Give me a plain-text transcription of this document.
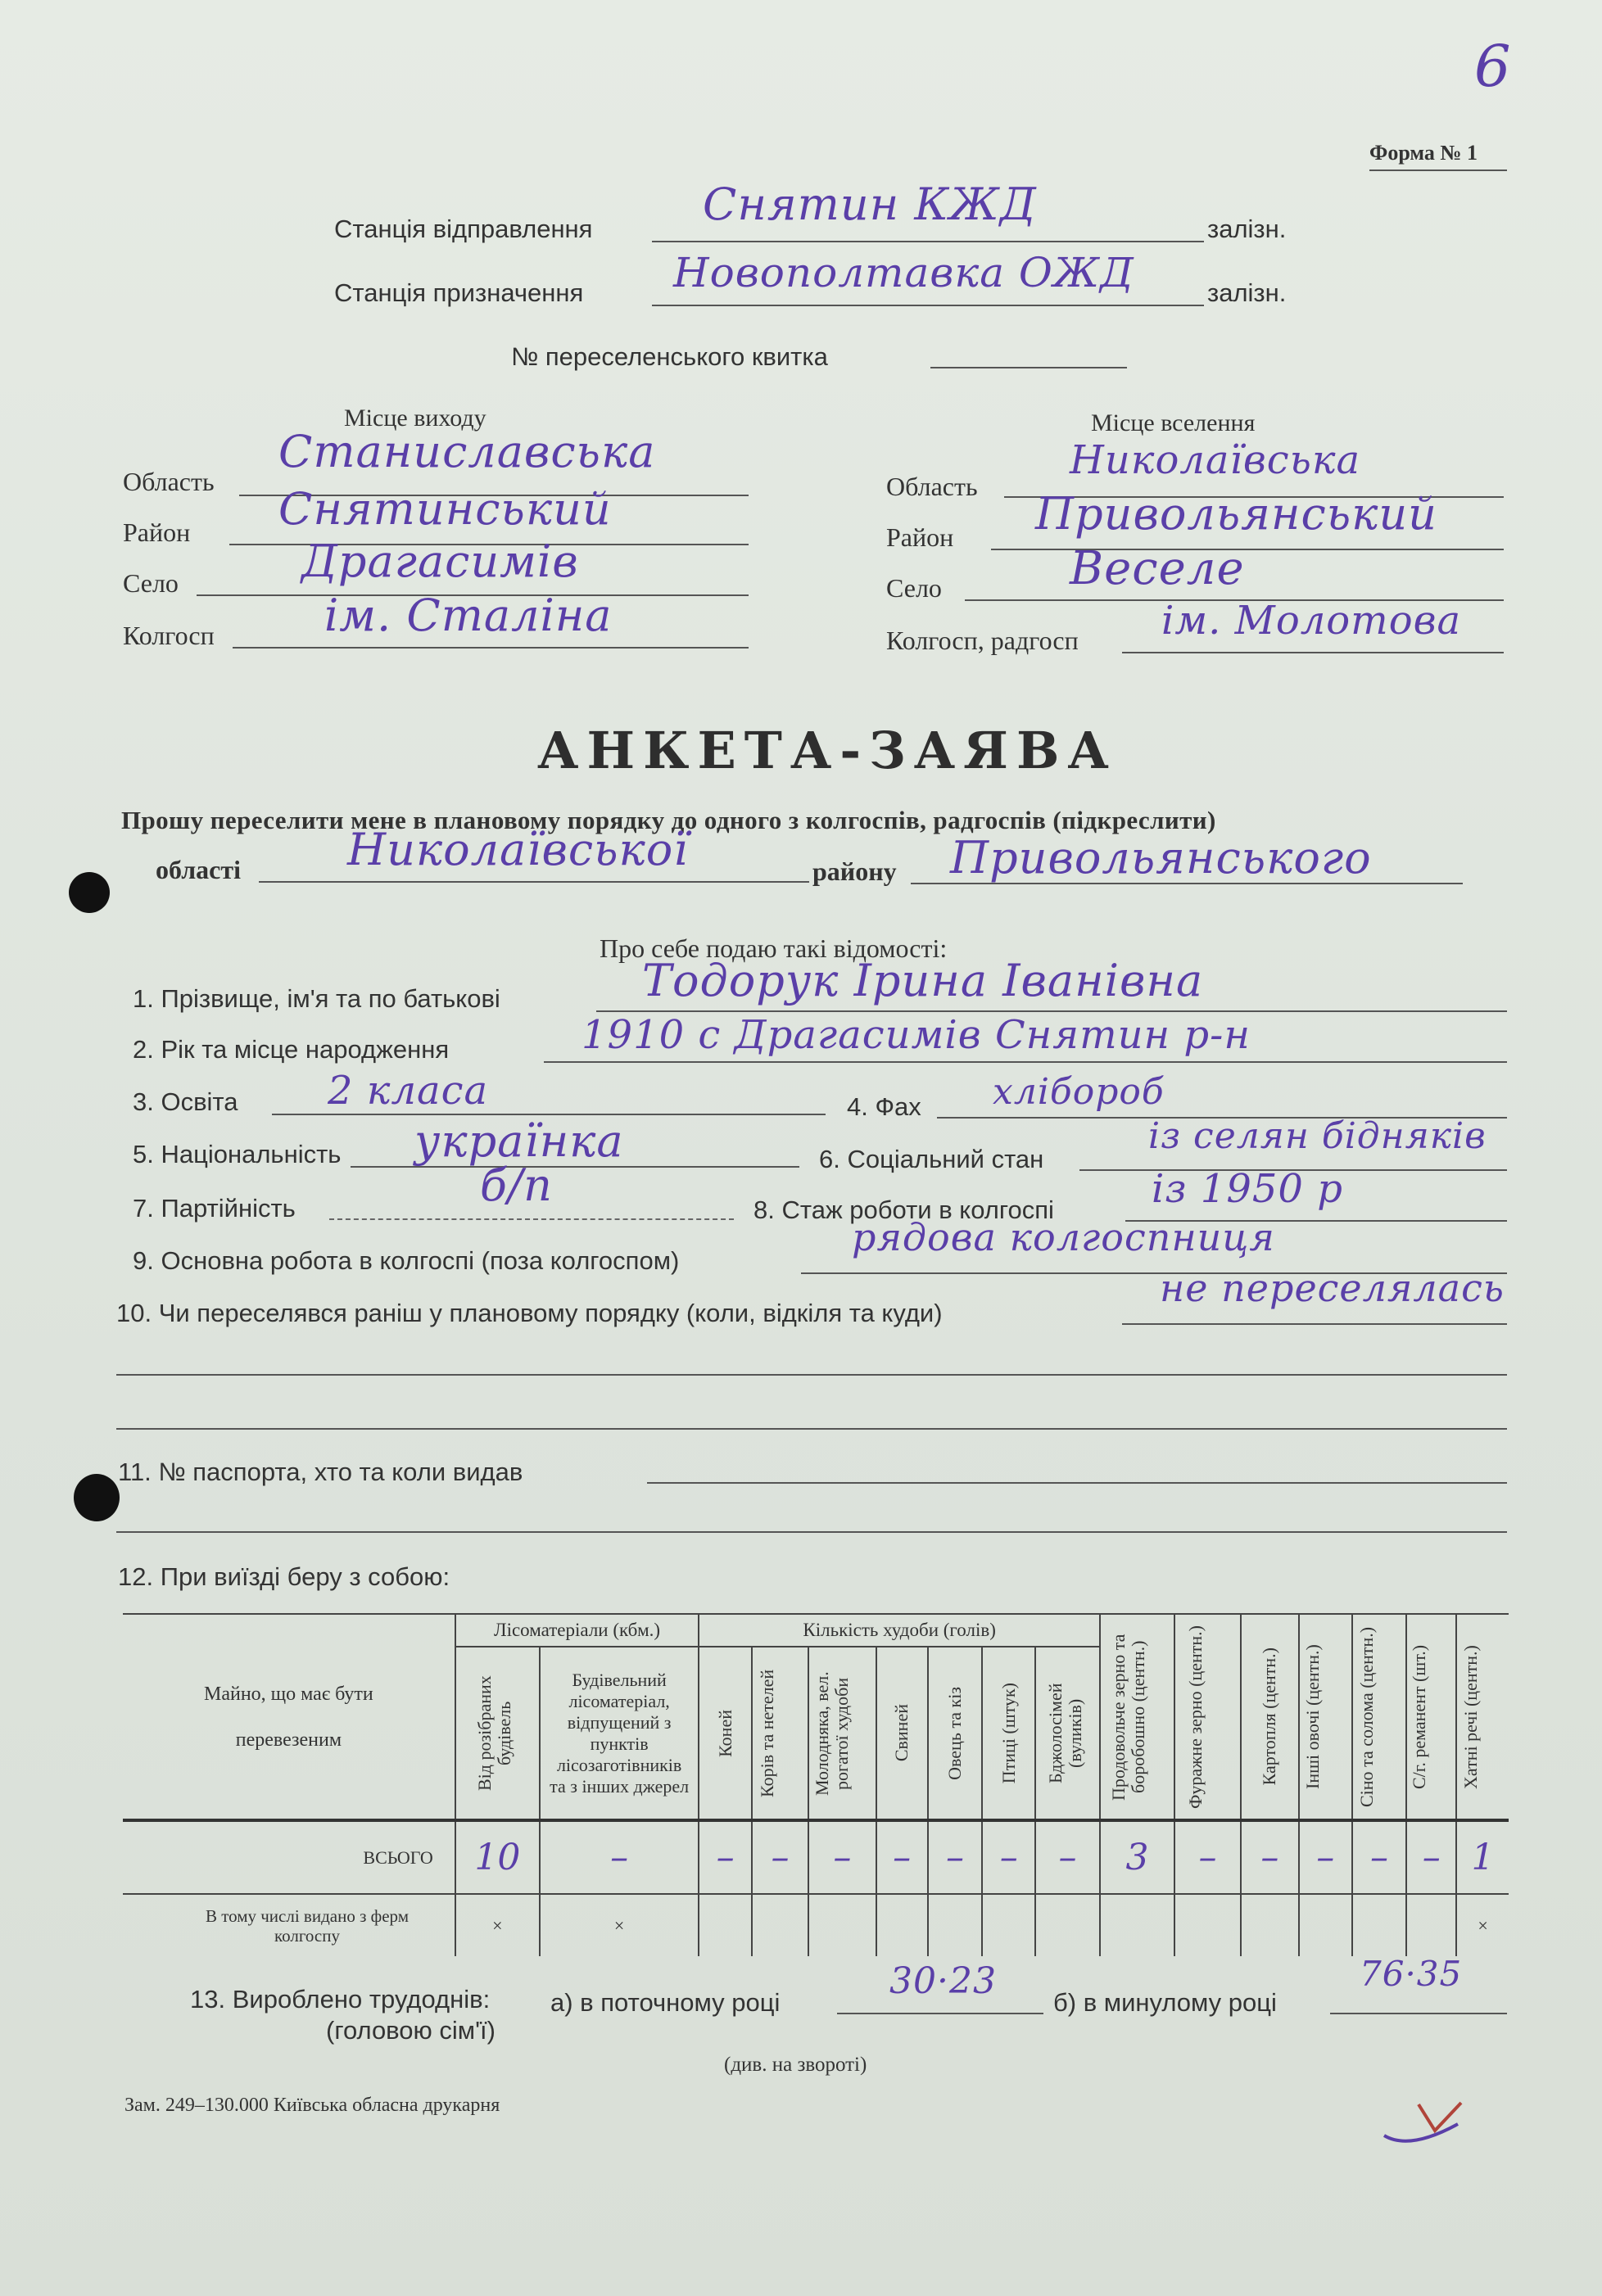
6
Форма № 1
Станція відправлення Снятин КЖД	залізн.
Станція призначення Новополтавка ОЖД	залізн.
№ переселенського квитка
Місце виходу
Область
Станиславська
Район Снятинський
Село	Драгасимів
Колгосп ім. Сталіна
Місце вселення
Область
Николаївська
Район Привольянський
Село	Веселе
Колгосп, радгосп ім. Молотова
АНКЕТА-ЗАЯВА
Прошу переселити мене в плановому порядку до одного з колгоспів, радгоспів (підкреслити)
області Николаївської	району Привольянського
Про себе подаю такі відомості:
1. Прізвище, ім'я та по батькові	Тодорук Ірина Іванівна
2. Рік та місце народження	1910 с Драгасимів Снятин р-н
3. Освіта 2 класа	4. Фах хлібороб
5. Національність українка	6. Соціальний стан
із селян бідняків
7. Партійність	б/п	8. Стаж роботи в колгоспі із 1950 р
9. Основна робота в колгоспі (поза колгоспом)
рядова колгоспниця
10. Чи переселявся раніш у плановому порядку (коли, відкіля та куди)
не переселялась
11. № паспорта, хто та коли видав
12. При виїзді беру з собою:
Майно, що має бути перевезеним	Лісоматеріали (кбм.)		Кількість худоби (голів)							Продовольче зерно та боробошно (центн.)	Фуражне зерно (центн.)	Картопля (центн.)	Інші овочі (центн.)	Сіно та солома (центн.)	С/г. реманент (шт.)	Хатні речі (центн.)

	Від розібраних будівель	Будівельний лісоматеріал, відпущений з пунктів лісозаготівників та з інших джерел	Коней	Корів та нетелей	Молодняка, вел. рогатої худоби	Свиней	Овець та кіз	Птиці (штук)	Бджолосімей (вуликів)							

ВСЬОГО	10	–	–	–	–	–	–	–	–	3	–	–	–	–	–	1

В тому числі видано з ферм колгоспу	×	×														×
13. Вироблено трудоднів:
(головою сім'ї)
а) в поточному році
30·23
б) в минулому році
76·35
(див. на звороті)
Зам. 249–130.000 Київська обласна друкарня
